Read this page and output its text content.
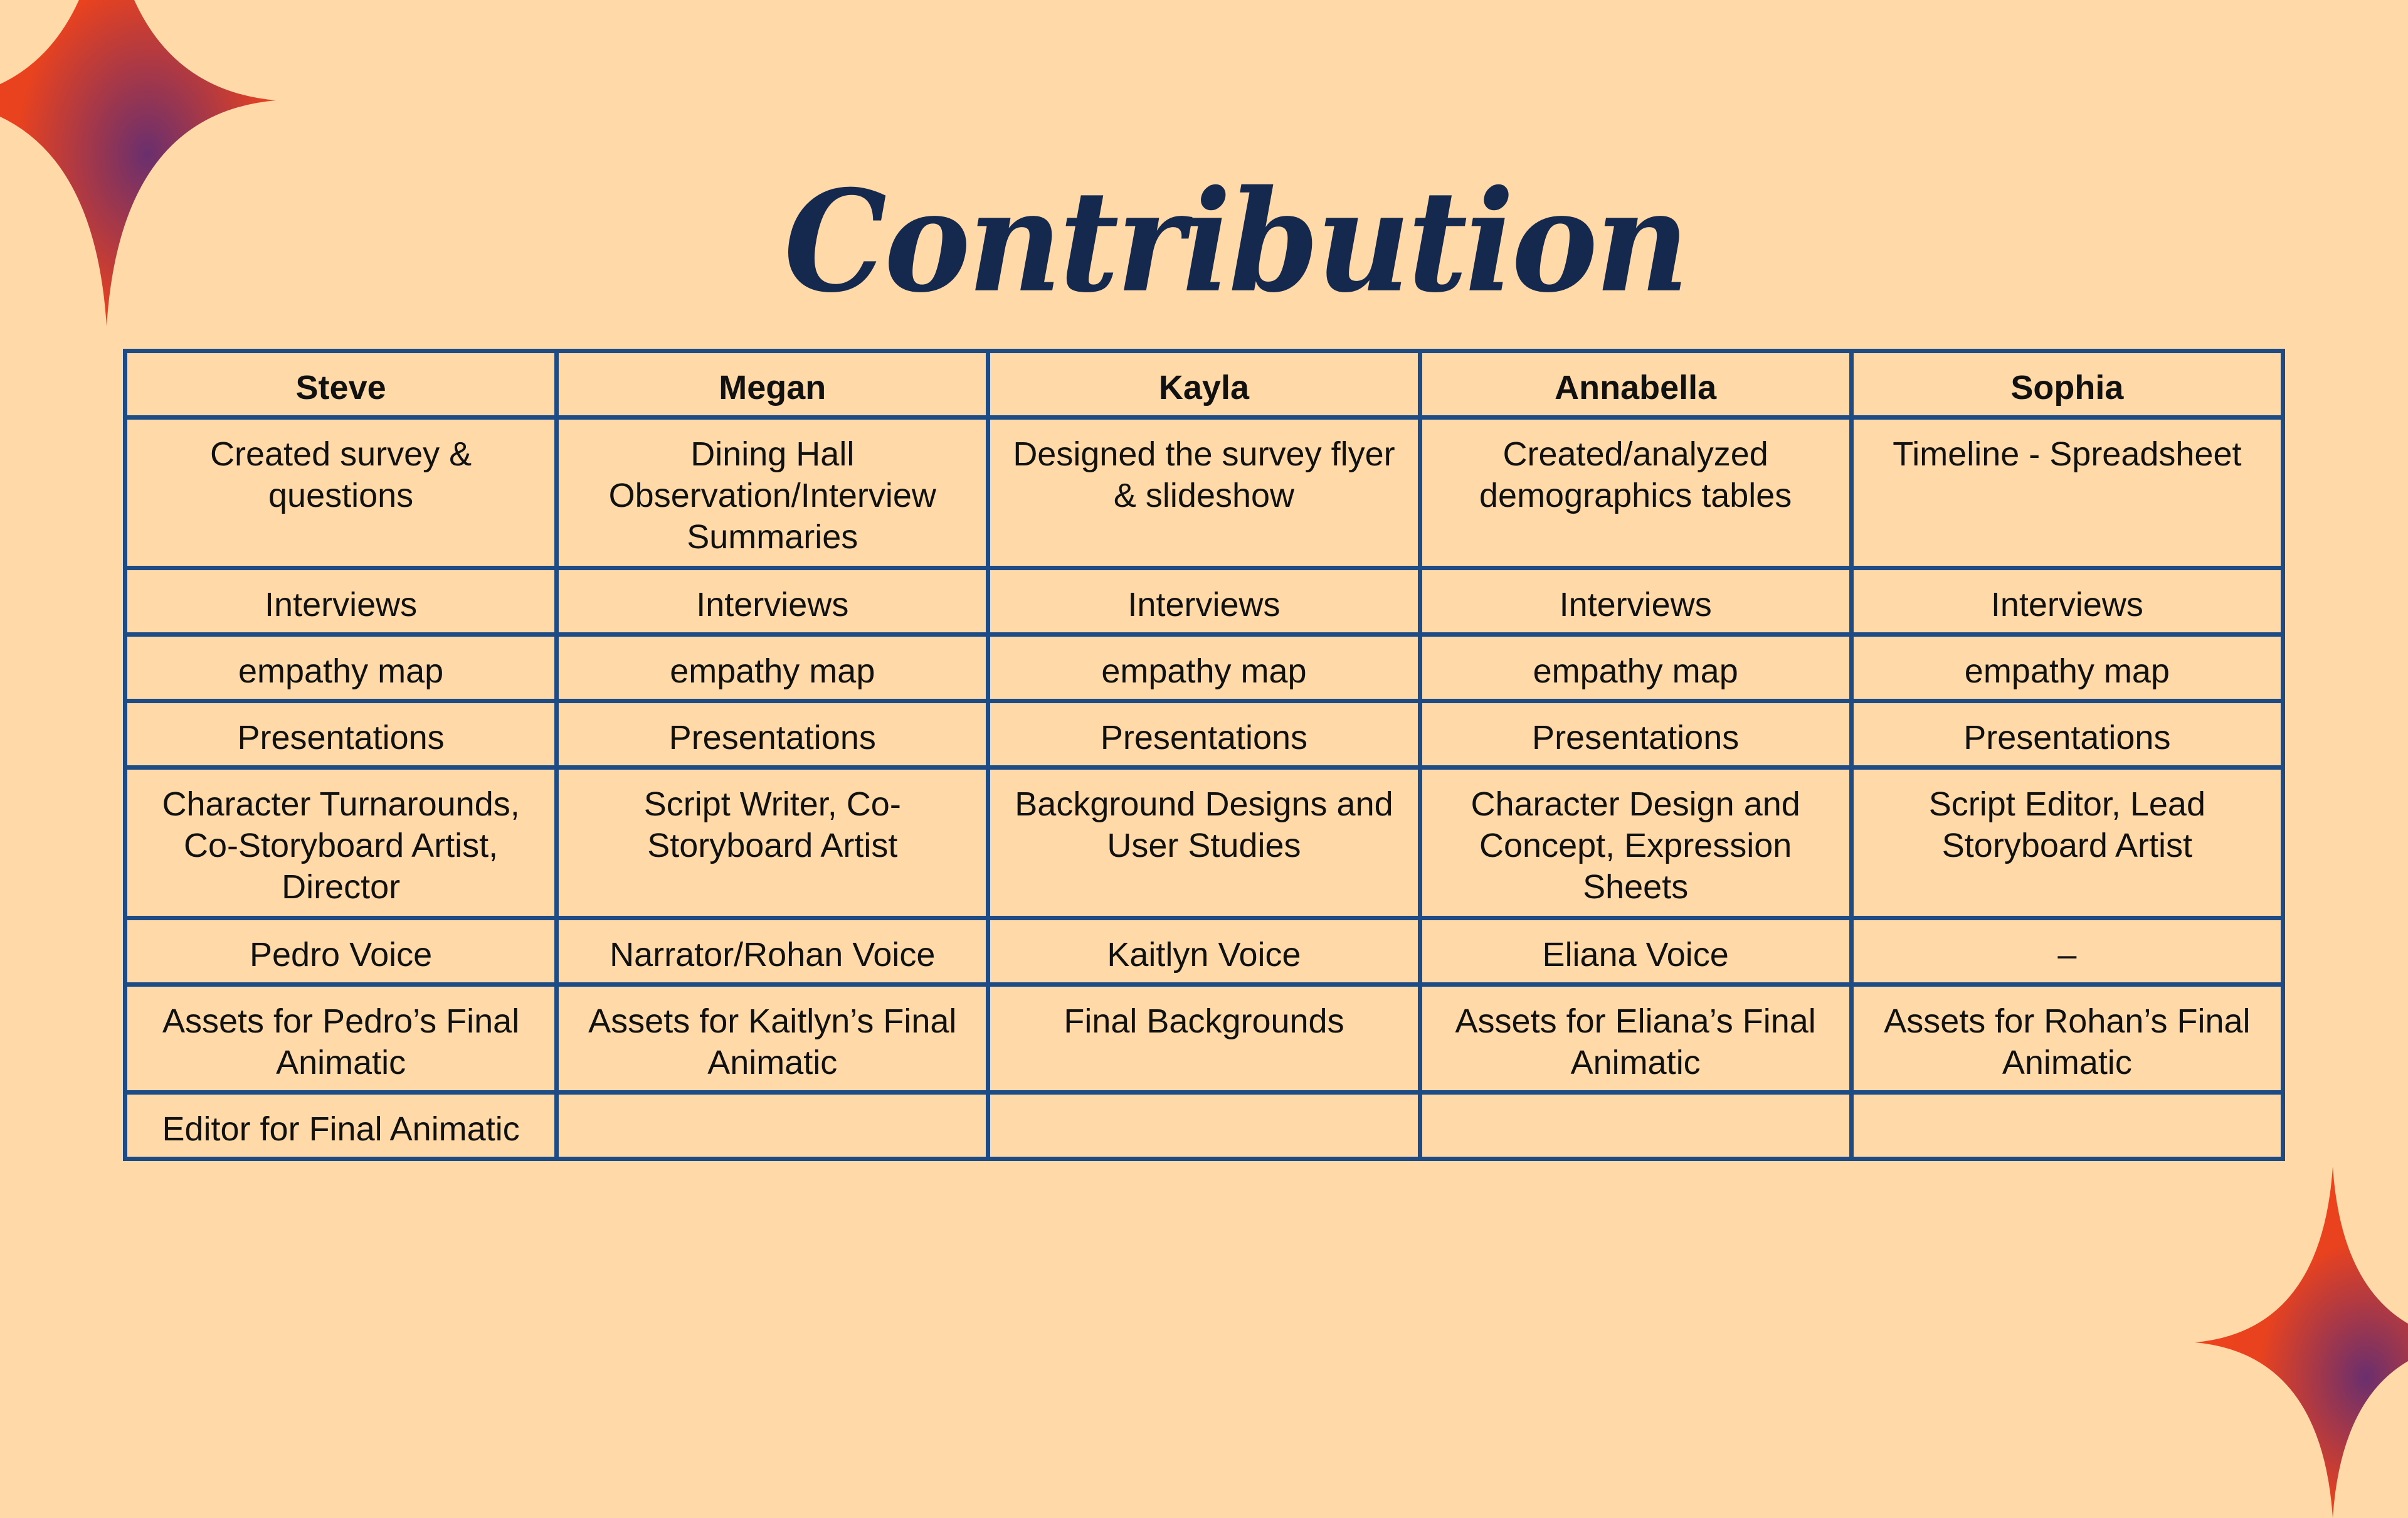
Contribution
Steve	Megan	Kayla	Annabella	Sophia
Created survey & questions	Dining Hall Observation/Interview Summaries	Designed the survey flyer & slideshow	Created/analyzed demographics tables	Timeline - Spreadsheet
Interviews	Interviews	Interviews	Interviews	Interviews
empathy map	empathy map	empathy map	empathy map	empathy map
Presentations	Presentations	Presentations	Presentations	Presentations
Character Turnarounds, Co-Storyboard Artist, Director	Script Writer, Co-Storyboard Artist	Background Designs and User Studies	Character Design and Concept, Expression Sheets	Script Editor, Lead Storyboard Artist
Pedro Voice	Narrator/Rohan Voice	Kaitlyn Voice	Eliana Voice	–
Assets for Pedro’s Final Animatic	Assets for Kaitlyn’s Final Animatic	Final Backgrounds	Assets for Eliana’s Final Animatic	Assets for Rohan’s Final Animatic
Editor for Final Animatic				
